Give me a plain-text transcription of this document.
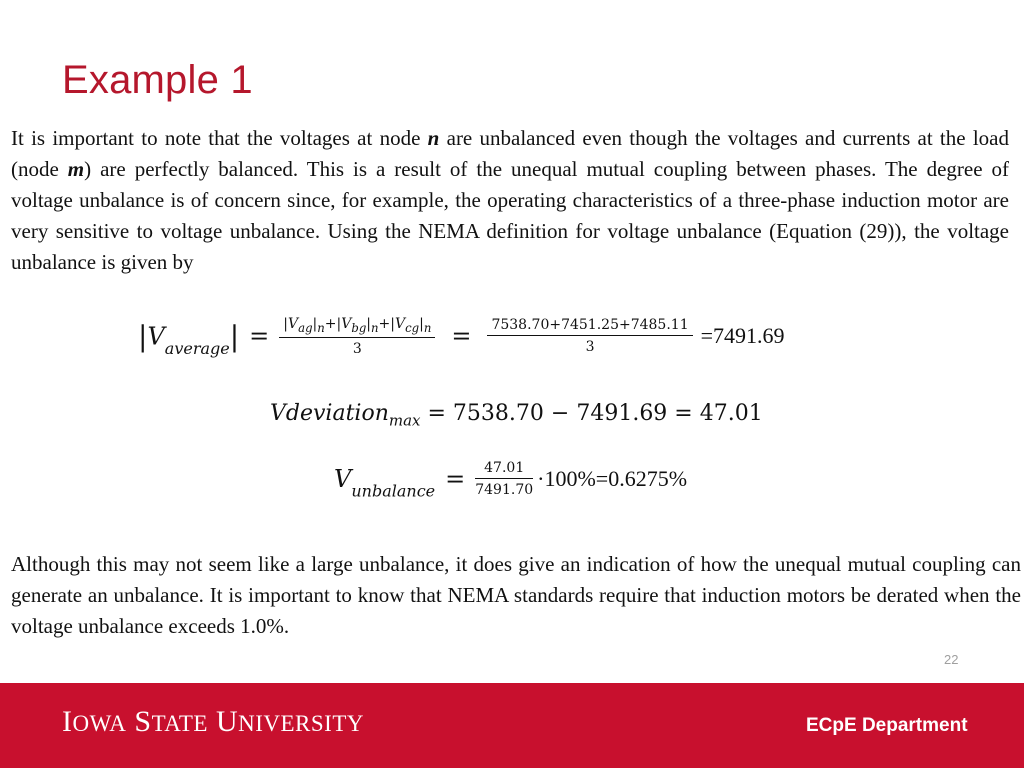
Example 1
It is important to note that the voltages at node n are unbalanced even though the voltages and currents at the load (node m) are perfectly balanced. This is a result of the unequal mutual coupling between phases. The degree of voltage unbalance is of concern since, for example, the operating characteristics of a three-phase induction motor are very sensitive to voltage unbalance. Using the NEMA definition for voltage unbalance (Equation (29)), the voltage unbalance is given by
$|V_{average}| = \frac{|V_{ag}|_n+|V_{bg}|_n+|V_{cg}|_n}{3} = \frac{7538.70+7451.25+7485.11}{3} =7491.69$
Vdeviation$_{max}$ = 7538.70 − 7491.69 = 47.01
$V_{unbalance} = \frac{47.01}{7491.70} \cdot 100\%=0.6275\%$
Although this may not seem like a large unbalance, it does give an indication of how the unequal mutual coupling can generate an unbalance. It is important to know that NEMA standards require that induction motors be derated when the voltage unbalance exceeds 1.0%.
22
IOWA STATE UNIVERSITY	ECpE Department
